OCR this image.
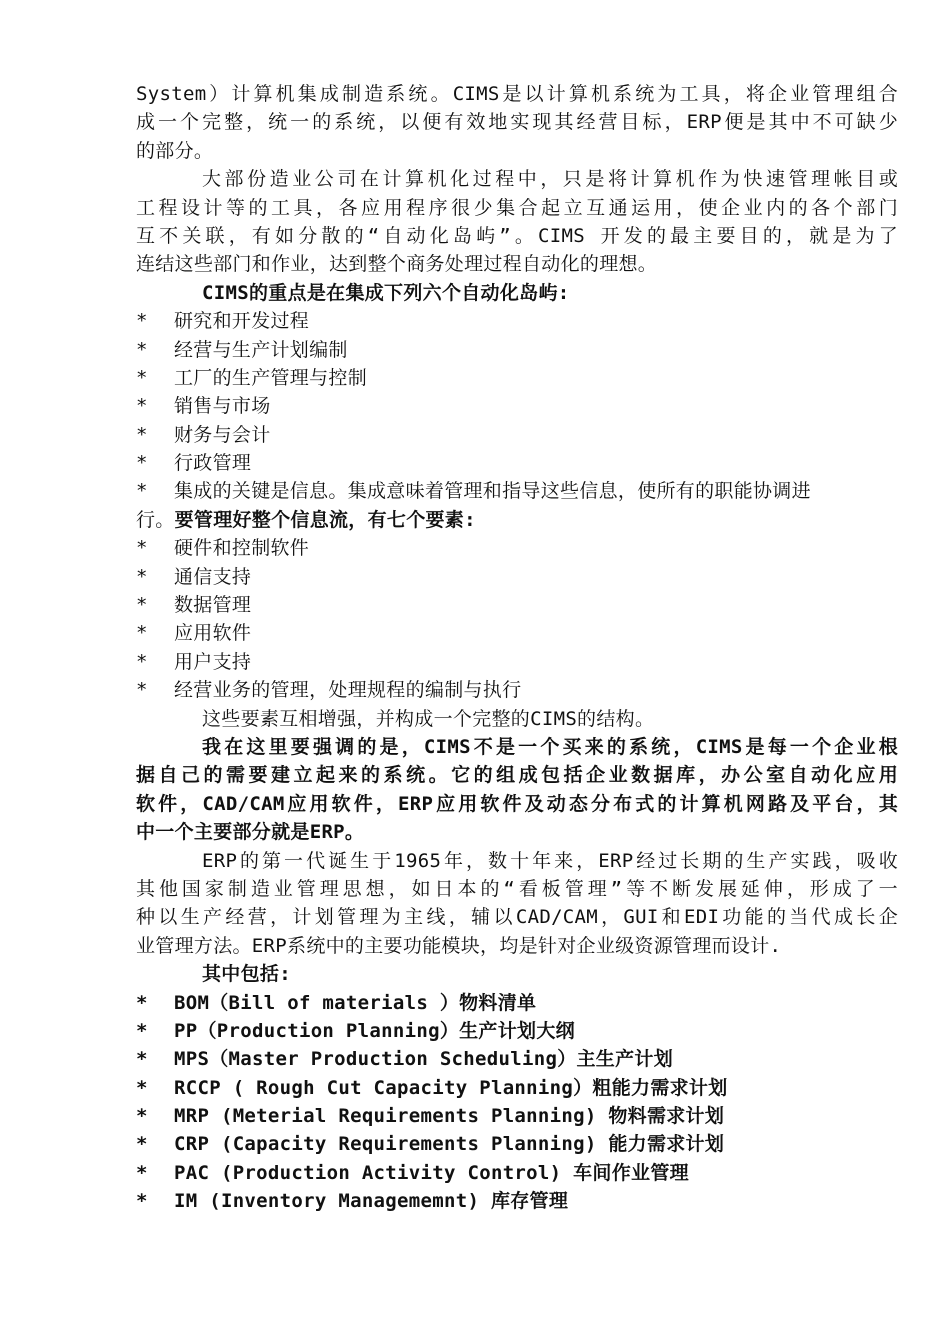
System）计算机集成制造系统。CIMS是以计算机系统为工具，将企业管理组合
成一个完整，统一的系统，以便有效地实现其经营目标，ERP便是其中不可缺少
的部分。
大部份造业公司在计算机化过程中，只是将计算机作为快速管理帐目或
工程设计等的工具，各应用程序很少集合起立互通运用，使企业内的各个部门
互不关联，有如分散的“自动化岛屿”。CIMS 开发的最主要目的，就是为了
连结这些部门和作业，达到整个商务处理过程自动化的理想。
CIMS的重点是在集成下列六个自动化岛屿:
*	研究和开发过程
*	经营与生产计划编制
*	工厂的生产管理与控制
*	销售与市场
*	财务与会计
*	行政管理
*	集成的关键是信息。集成意味着管理和指导这些信息，使所有的职能协调进
行。要管理好整个信息流，有七个要素:
*	硬件和控制软件
*	通信支持
*	数据管理
*	应用软件
*	用户支持
*	经营业务的管理，处理规程的编制与执行
这些要素互相增强，并构成一个完整的CIMS的结构。
我在这里要强调的是，CIMS不是一个买来的系统，CIMS是每一个企业根
据自己的需要建立起来的系统。它的组成包括企业数据库，办公室自动化应用
软件，CAD/CAM应用软件，ERP应用软件及动态分布式的计算机网路及平台，其
中一个主要部分就是ERP。
ERP的第一代诞生于1965年，数十年来，ERP经过长期的生产实践，吸收
其他国家制造业管理思想，如日本的“看板管理”等不断发展延伸，形成了一
种以生产经营，计划管理为主线，辅以CAD/CAM，GUI和EDI功能的当代成长企
业管理方法。ERP系统中的主要功能模块，均是针对企业级资源管理而设计.
其中包括:
*	BOM（Bill of materials ）物料清单
*	PP（Production Planning）生产计划大纲
*	MPS（Master Production Scheduling）主生产计划
*	RCCP ( Rough Cut Capacity Planning）粗能力需求计划
*	MRP (Meterial Requirements Planning) 物料需求计划
*	CRP (Capacity Requirements Planning) 能力需求计划
*	PAC (Production Activity Control) 车间作业管理
*	IM (Inventory Managememnt) 库存管理
